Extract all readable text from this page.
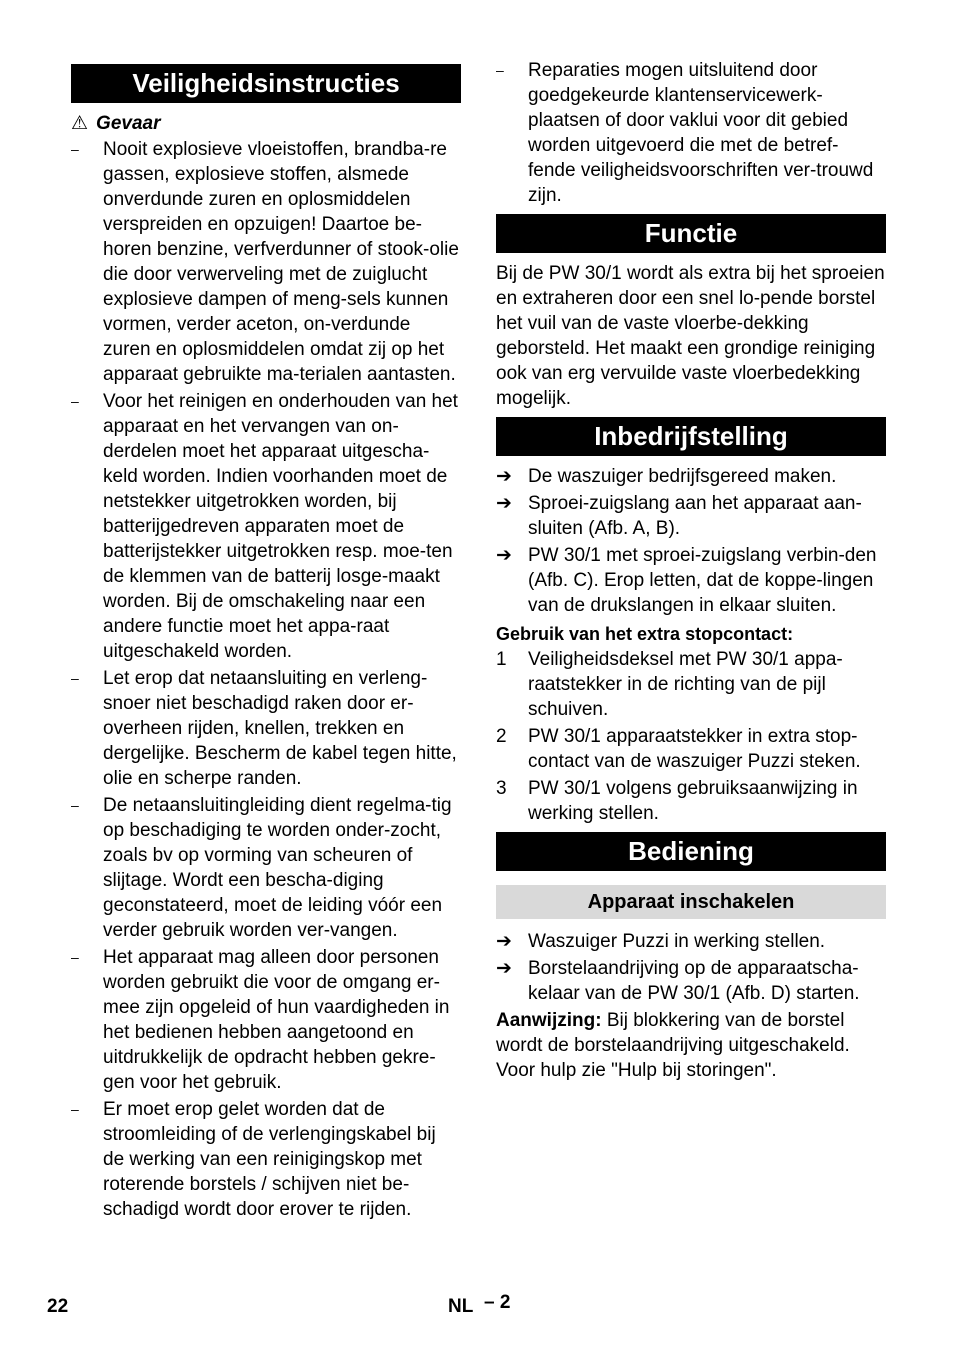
Veiligheidsinstructies
⚠ Gevaar
–	Nooit explosieve vloeistoffen, brandba-re gassen, explosieve stoffen, alsmede onverdunde zuren en oplosmiddelen verspreiden en opzuigen! Daartoe be-horen benzine, verfverdunner of stook-olie die door verwerveling met de zuiglucht explosieve dampen of meng-sels kunnen vormen, verder aceton, on-verdunde zuren en oplosmiddelen omdat zij op het apparaat gebruikte ma-terialen aantasten.
–	Voor het reinigen en onderhouden van het apparaat en het vervangen van on-derdelen moet het apparaat uitgescha-keld worden. Indien voorhanden moet de netstekker uitgetrokken worden, bij batterijgedreven apparaten moet de batterijstekker uitgetrokken resp. moe-ten de klemmen van de batterij losge-maakt worden. Bij de omschakeling naar een andere functie moet het appa-raat uitgeschakeld worden.
–	Let erop dat netaansluiting en verleng-snoer niet beschadigd raken door er-overheen rijden, knellen, trekken en dergelijke. Bescherm de kabel tegen hitte, olie en scherpe randen.
–	De netaansluitingleiding dient regelma-tig op beschadiging te worden onder-zocht, zoals bv op vorming van scheuren of slijtage. Wordt een bescha-diging geconstateerd, moet de leiding vóór een verder gebruik worden ver-vangen.
–	Het apparaat mag alleen door personen worden gebruikt die voor de omgang er-mee zijn opgeleid of hun vaardigheden in het bedienen hebben aangetoond en uitdrukkelijk de opdracht hebben gekre-gen voor het gebruik.
–	Er moet erop gelet worden dat de stroomleiding of de verlengingskabel bij de werking van een reinigingskop met roterende borstels / schijven niet be-schadigd wordt door erover te rijden.
–	Reparaties mogen uitsluitend door goedgekeurde klantenservicewerk-plaatsen of door vaklui voor dit gebied worden uitgevoerd die met de betref-fende veiligheidsvoorschriften ver-trouwd zijn.
Functie
Bij de PW 30/1 wordt als extra bij het sproeien en extraheren door een snel lo-pende borstel het vuil van de vaste vloerbe-dekking geborsteld. Het maakt een grondige reiniging ook van erg vervuilde vaste vloerbedekking mogelijk.
Inbedrijfstelling
➔ De waszuiger bedrijfsgereed maken.
➔ Sproei-zuigslang aan het apparaat aan-sluiten (Afb. A, B).
➔ PW 30/1 met sproei-zuigslang verbin-den (Afb. C). Erop letten, dat de koppe-lingen van de drukslangen in elkaar sluiten.
Gebruik van het extra stopcontact:
1	Veiligheidsdeksel met PW 30/1 appa-raatstekker in de richting van de pijl schuiven.
2	PW 30/1 apparaatstekker in extra stop-contact van de waszuiger Puzzi steken.
3	PW 30/1 volgens gebruiksaanwijzing in werking stellen.
Bediening
Apparaat inschakelen
➔ Waszuiger Puzzi in werking stellen.
➔ Borstelaandrijving op de apparaatscha-kelaar van de PW 30/1 (Afb. D) starten.
Aanwijzing: Bij blokkering van de borstel wordt de borstelaandrijving uitgeschakeld. Voor hulp zie "Hulp bij storingen".
22	NL – 2
